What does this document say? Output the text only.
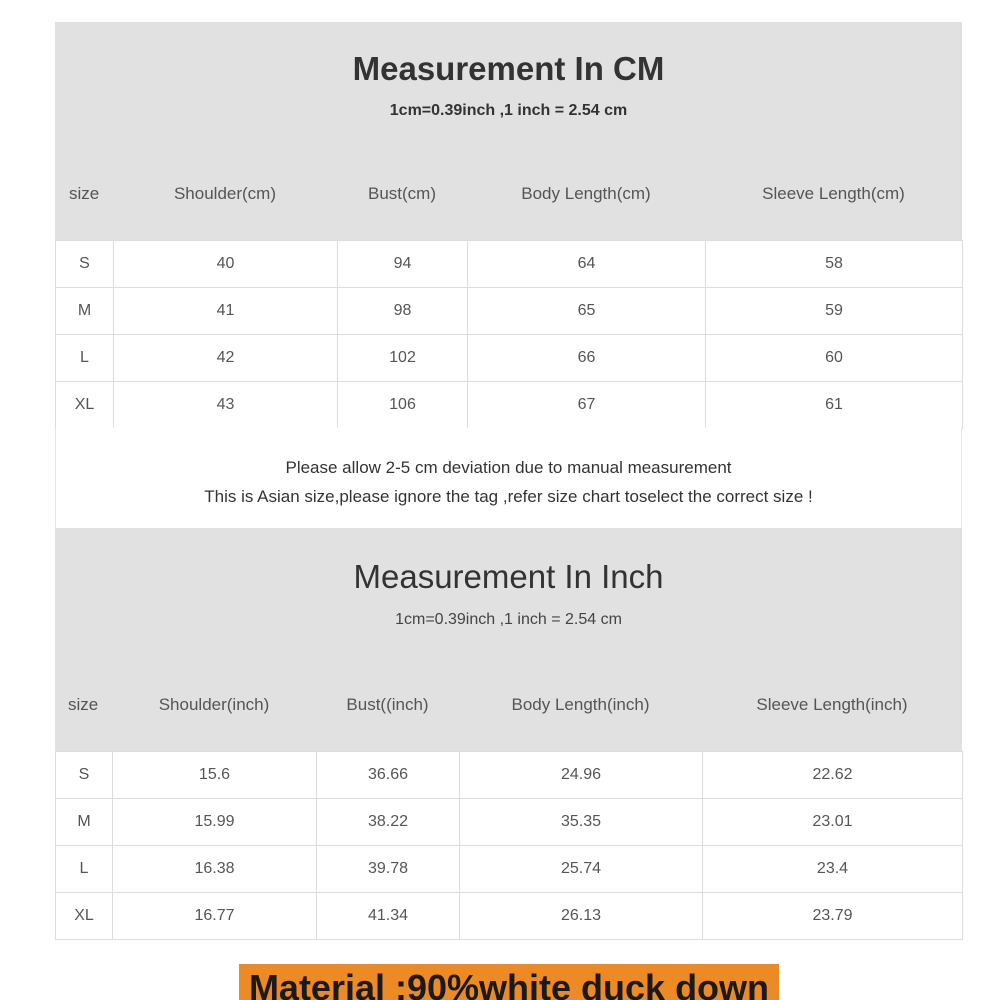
Measurement In CM
1cm=0.39inch ,1 inch = 2.54 cm
size	Shoulder(cm)	Bust(cm)	Body Length(cm)	Sleeve Length(cm)
S	40	94	64	58
M	41	98	65	59
L	42	102	66	60
XL	43	106	67	61
Please allow 2-5 cm deviation due to manual measurement
This is Asian size,please ignore the tag ,refer size chart toselect the correct size !
Measurement In Inch
1cm=0.39inch ,1 inch = 2.54 cm
size	Shoulder(inch)	Bust((inch)	Body Length(inch)	Sleeve Length(inch)
S	15.6	36.66	24.96	22.62
M	15.99	38.22	35.35	23.01
L	16.38	39.78	25.74	23.4
XL	16.77	41.34	26.13	23.79
Material :90%white duck down
